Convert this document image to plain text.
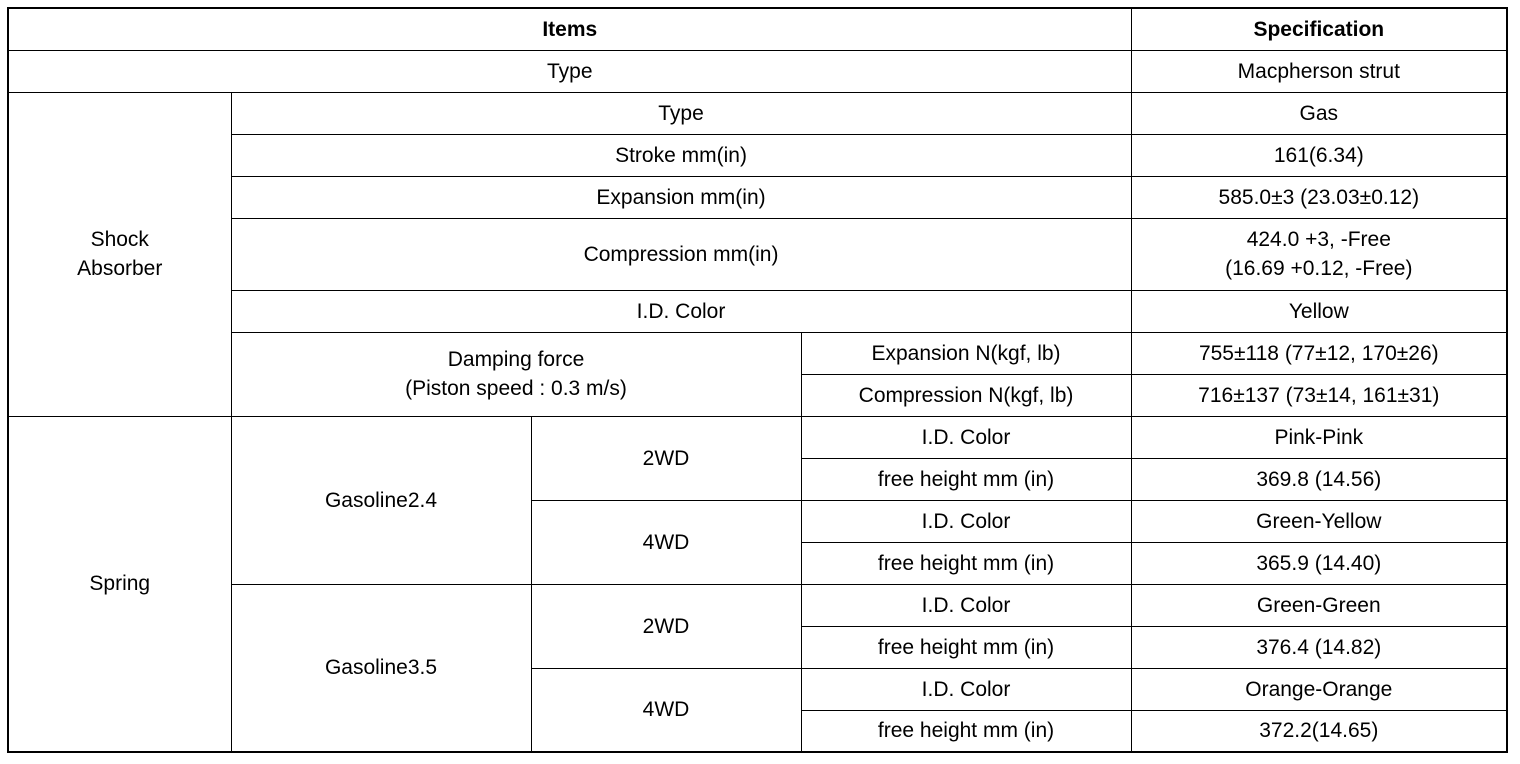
Items				Specification
Type				Macpherson strut

Shock
Absorber	Type			Gas
	Stroke mm(in)			161(6.34)
	Expansion mm(in)			585.0±3 (23.03±0.12)
	Compression mm(in)			424.0 +3, -Free
(16.69 +0.12, -Free)

	I.D. Color			Yellow

	Damping force
(Piston speed : 0.3 m/s)		Expansion N(kgf, lb)	755±118 (77±12, 170±26)
			Compression N(kgf, lb)	716±137 (73±14, 161±31)
Spring	Gasoline2.4	2WD	I.D. Color	Pink-Pink
			free height mm (in)	369.8 (14.56)
		4WD	I.D. Color	Green-Yellow
			free height mm (in)	365.9 (14.40)
	Gasoline3.5	2WD	I.D. Color	Green-Green
			free height mm (in)	376.4 (14.82)
		4WD	I.D. Color	Orange-Orange
			free height mm (in)	372.2(14.65)
